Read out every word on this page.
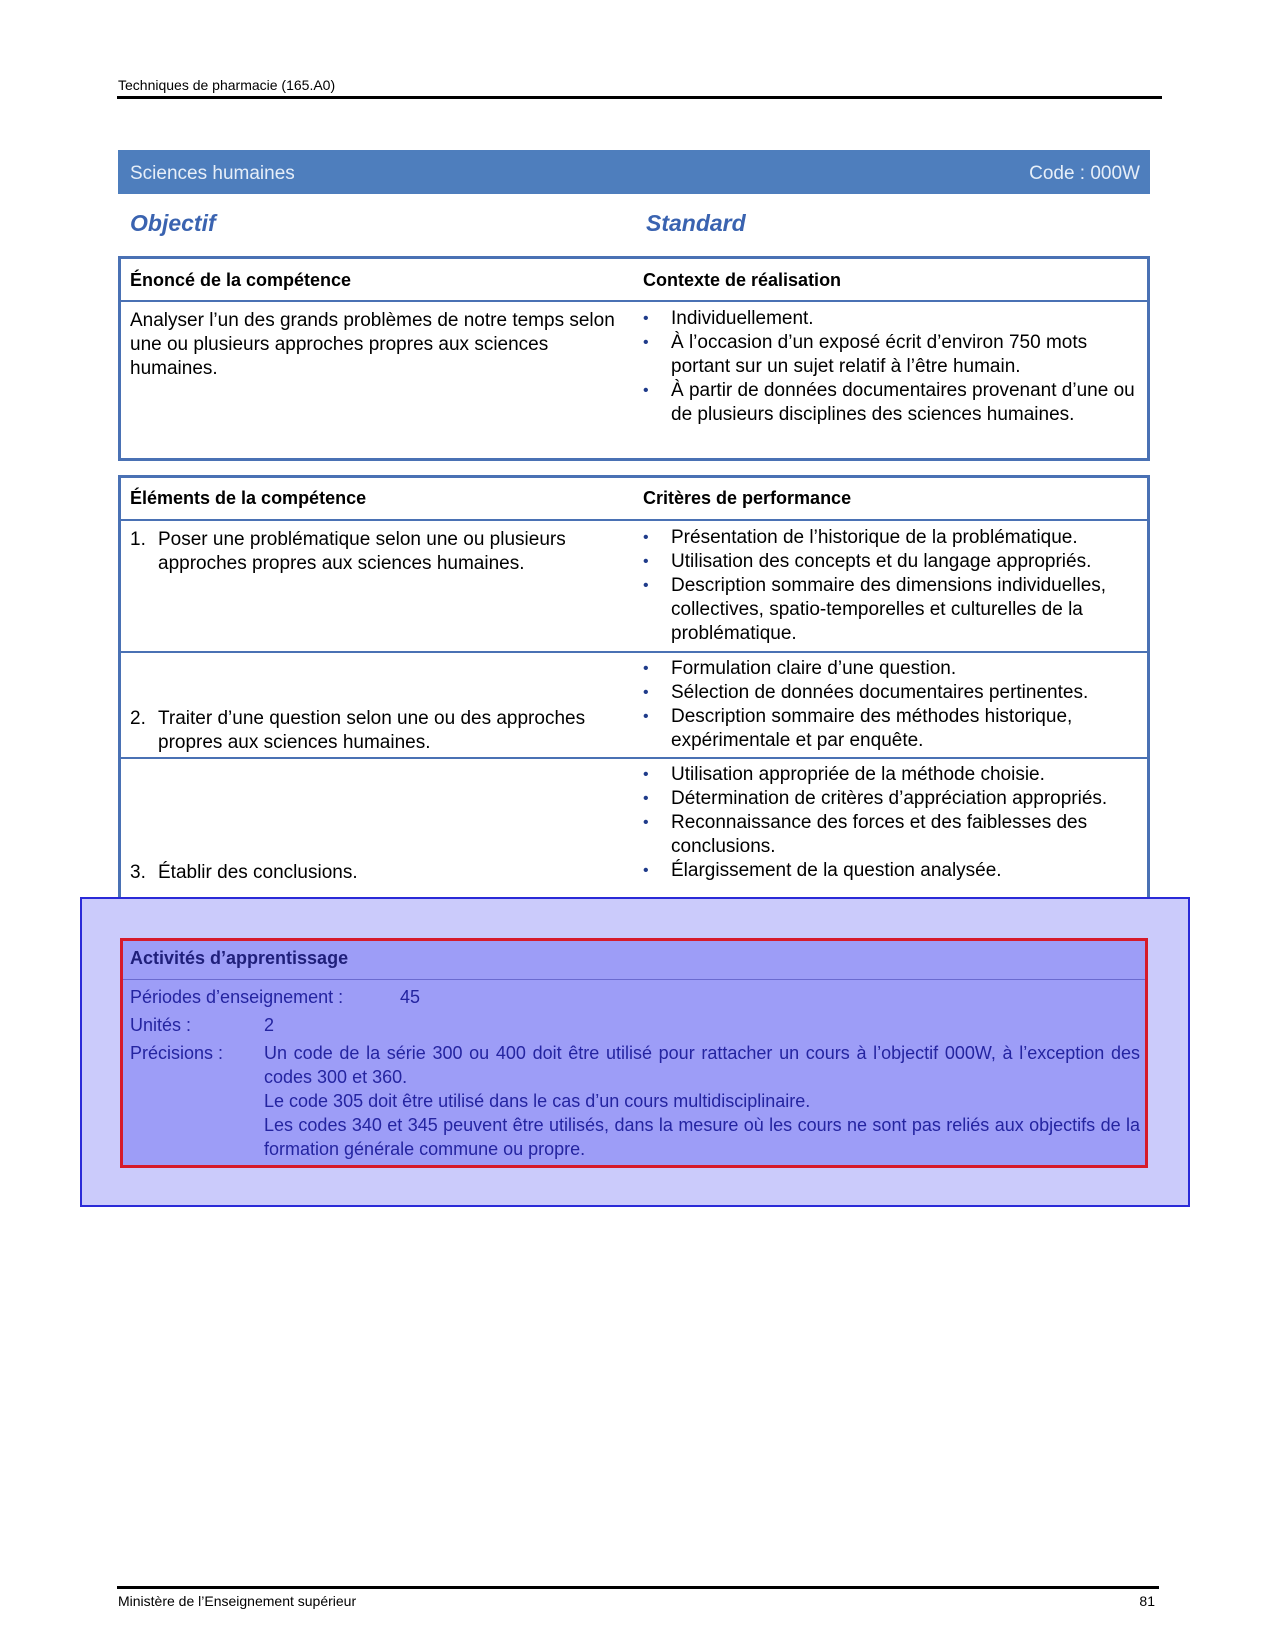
Techniques de pharmacie (165.A0)
Sciences humaines	Code : 000W
Objectif	Standard
Énoncé de la compétence	Contexte de réalisation
Analyser l’un des grands problèmes de notre temps selon une ou plusieurs approches propres aux sciences humaines.
• Individuellement.
• À l’occasion d’un exposé écrit d’environ 750 mots portant sur un sujet relatif à l’être humain.
• À partir de données documentaires provenant d’une ou de plusieurs disciplines des sciences humaines.
Éléments de la compétence	Critères de performance
1. Poser une problématique selon une ou plusieurs approches propres aux sciences humaines.
• Présentation de l’historique de la problématique.
• Utilisation des concepts et du langage appropriés.
• Description sommaire des dimensions individuelles, collectives, spatio-temporelles et culturelles de la problématique.
2. Traiter d’une question selon une ou des approches propres aux sciences humaines.
• Formulation claire d’une question.
• Sélection de données documentaires pertinentes.
• Description sommaire des méthodes historique, expérimentale et par enquête.
3. Établir des conclusions.
• Utilisation appropriée de la méthode choisie.
• Détermination de critères d’appréciation appropriés.
• Reconnaissance des forces et des faiblesses des conclusions.
• Élargissement de la question analysée.
Activités d’apprentissage
Périodes d’enseignement :	45
Unités :	2
Précisions : Un code de la série 300 ou 400 doit être utilisé pour rattacher un cours à l’objectif 000W, à l’exception des codes 300 et 360.

Le code 305 doit être utilisé dans le cas d’un cours multidisciplinaire.

Les codes 340 et 345 peuvent être utilisés, dans la mesure où les cours ne sont pas reliés aux objectifs de la formation générale commune ou propre.

Ministère de l’Enseignement supérieur	81
